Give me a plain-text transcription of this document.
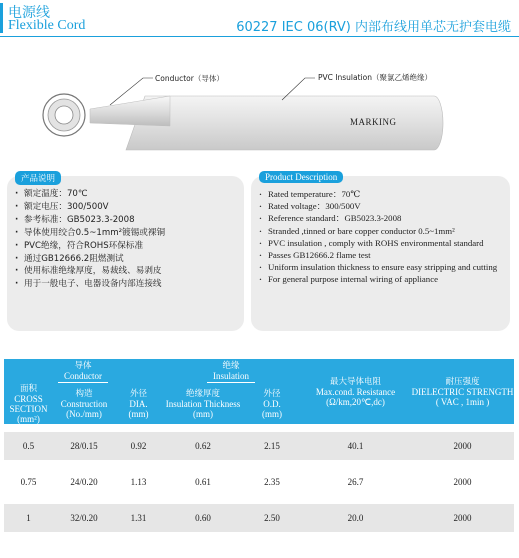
电源线
Flexible Cord	60227 IEC 06(RV) 内部布线用单芯无护套电缆
Conductor（导体）	PVC Insulation（聚氯乙烯绝缘）
MARKING
产品说明
· 额定温度：70℃
· 额定电压：300/500V
· 参考标准：GB5023.3-2008
· 导体使用绞合0.5~1mm²镀锡或裸铜
· PVC绝缘，符合ROHS环保标准
· 通过GB12666.2阻燃测试
· 使用标准绝缘厚度，易裁线、易剥皮
· 用于一般电子、电器设备内部连接线
Product Description
· Rated temperature：70℃
· Rated voltage：300/500V
· Reference standard：GB5023.3-2008
· Stranded ,tinned or bare copper conductor 0.5~1mm²
· PVC insulation , comply with ROHS environmental standard
· Passes GB12666.2 flame test
· Uniform insulation thickness to ensure easy stripping and cutting
· For general purpose internal wiring of appliance
导体
Conductor			绝缘
Insulation		最大导体电阻
Max.cond. Resistance
(Ω/km,20℃,dc)	耐压强度
DIELECTRIC STRENGTH
( VAC , 1min )
面积
CROSS SECTION
(mm²)	构造
Construction
(No./mm)	外径
DIA.
(mm)	绝缘厚度
Insulation Thickness
(mm)	外径
O.D.
(mm)		

0.5	28/0.15	0.92	0.62	2.15	40.1	2000

0.75	24/0.20	1.13	0.61	2.35	26.7	2000

1	32/0.20	1.31	0.60	2.50	20.0	2000
